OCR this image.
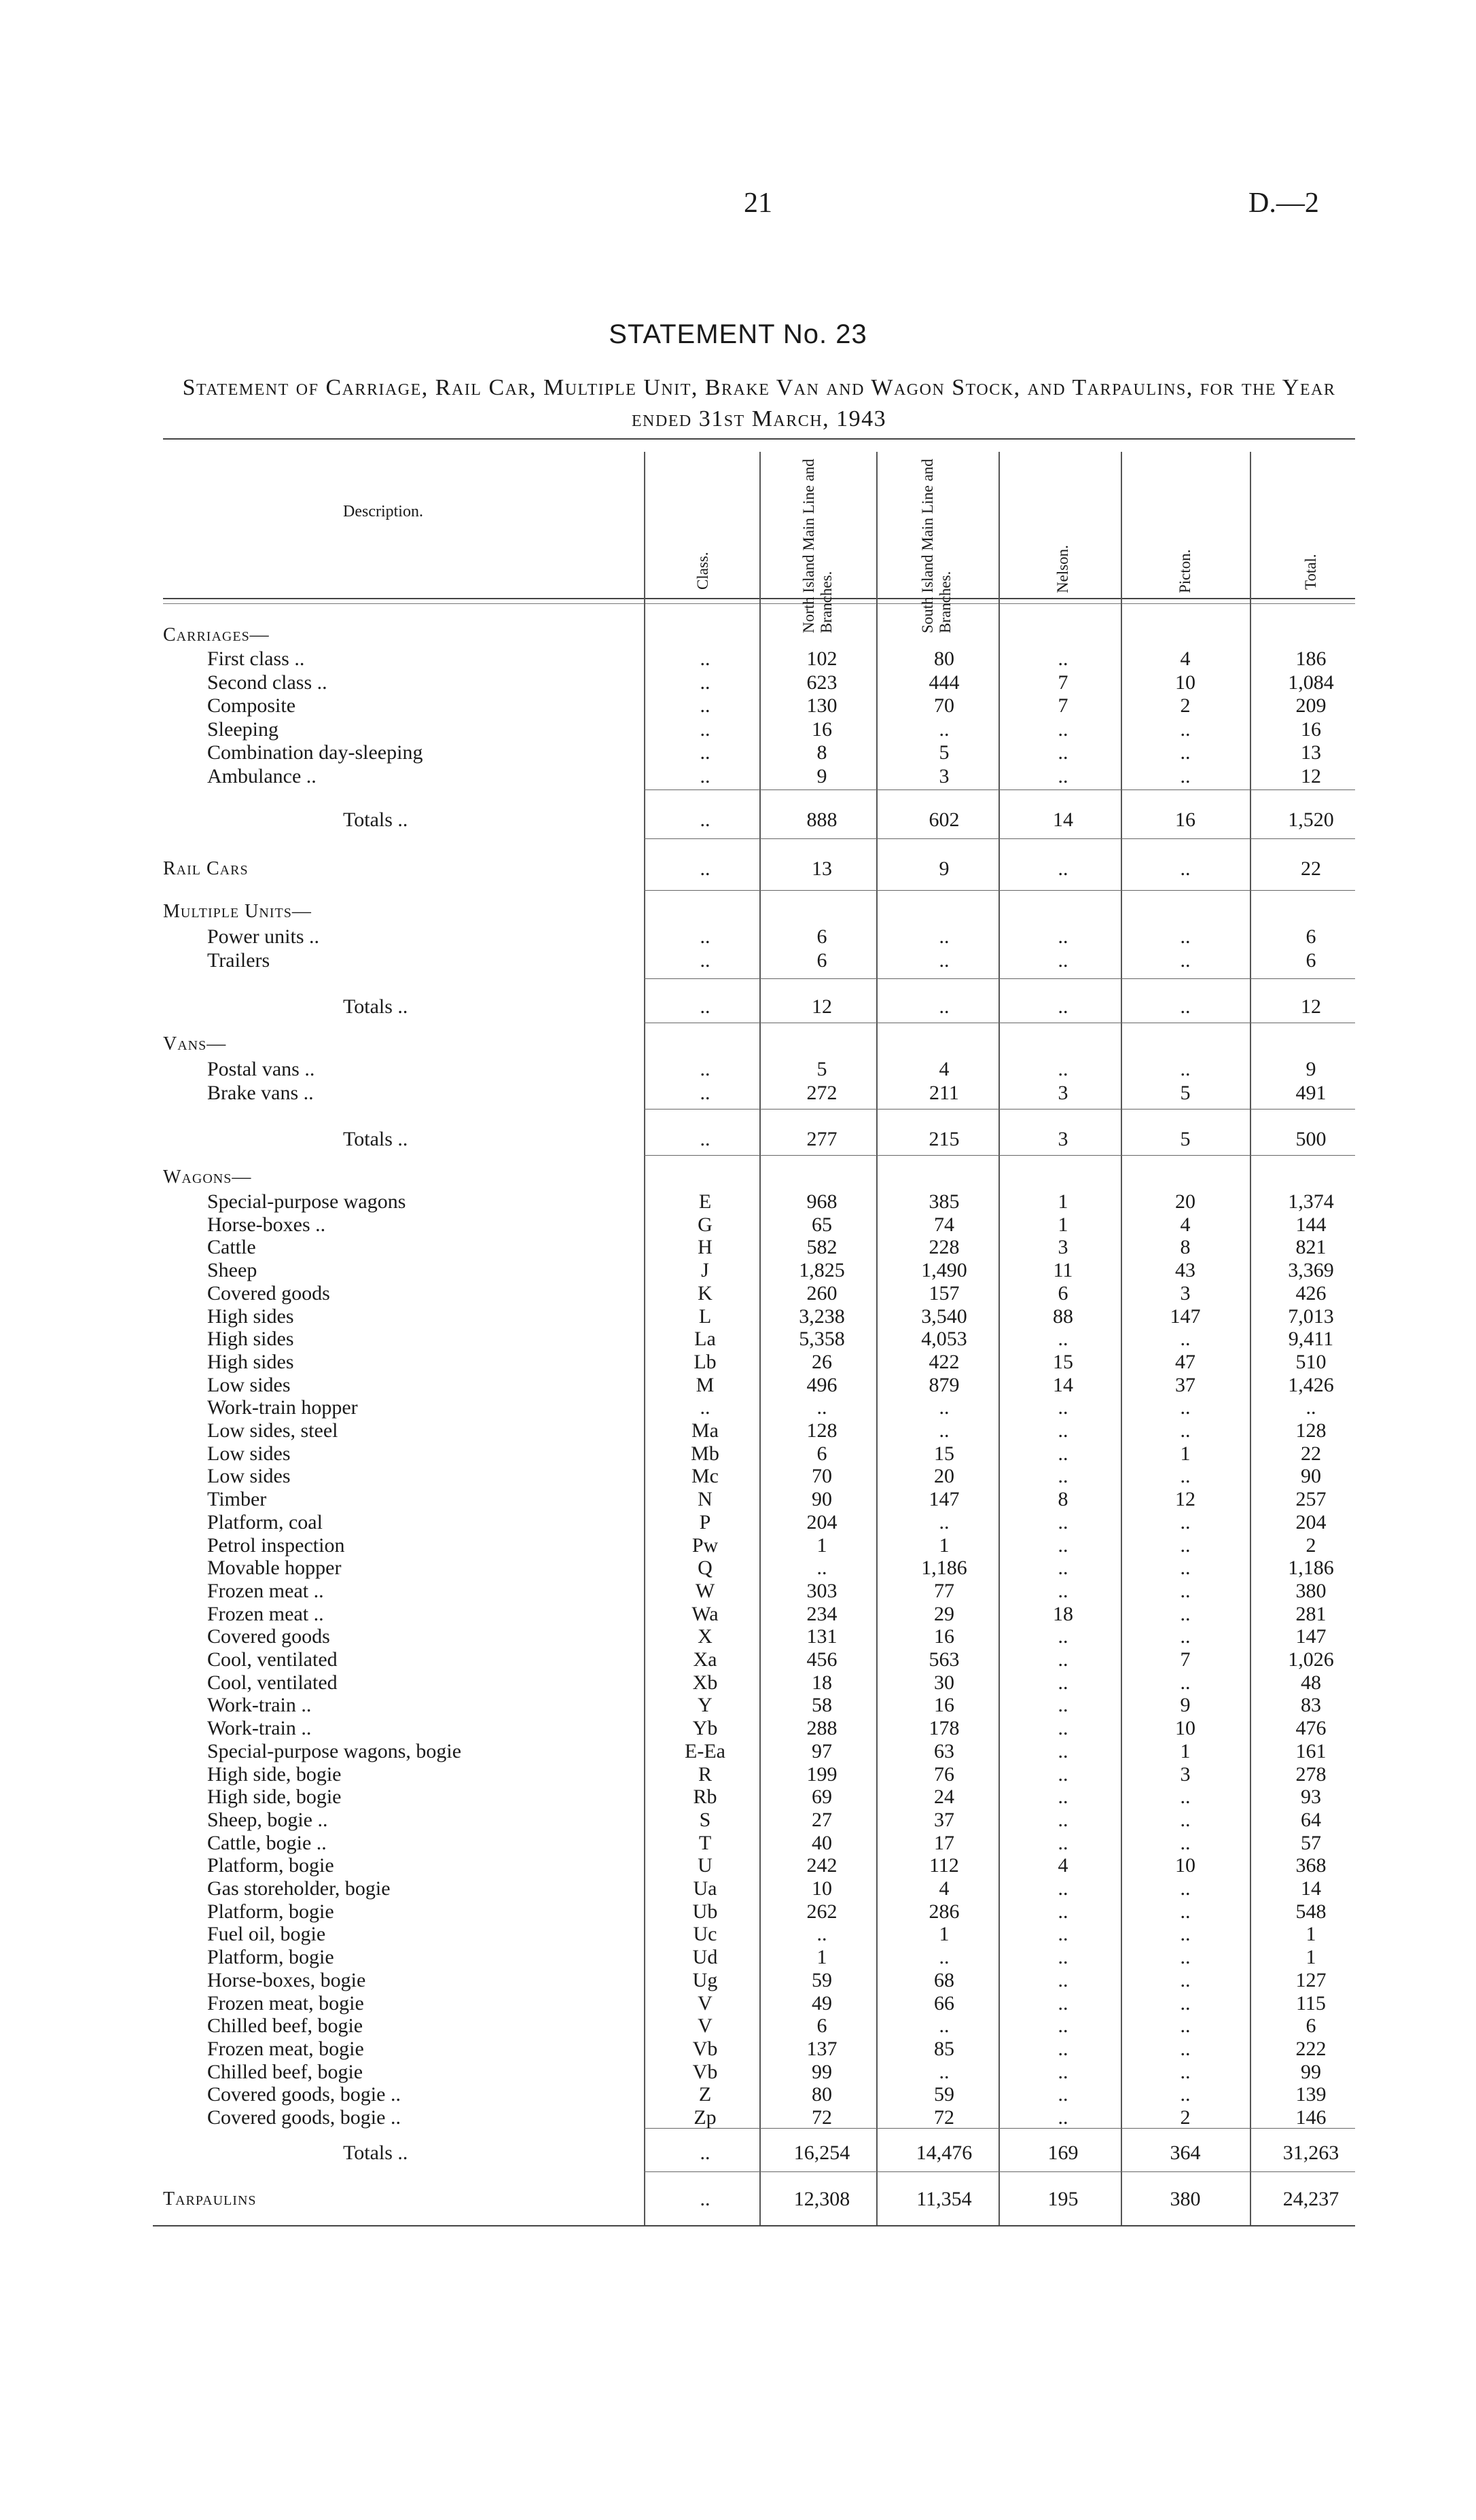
21	D.—2
STATEMENT No. 23
Statement of Carriage, Rail Car, Multiple Unit, Brake Van and Wagon Stock, and Tarpaulins, for the Year ended 31st March, 1943
Description.
Class.	North Island Main Line and Branches.	South Island Main Line and Branches.
Nelson.	Picton.	Total.
Carriages—
First class ..	..	102	80	..	4	186
Second class ..	..	623	444	7	10	1,084
Composite	..	130	70	7	2	209
Sleeping	..	16	..	..	..	16
Combination day-sleeping	..	8	5	..	..	13
Ambulance ..	..	9	3	..	..	12
Totals ..	..	888	602	14	16	1,520
Rail Cars	..	13	9	..	..	22
Multiple Units—
Power units ..	..	6	..	..	..	6
Trailers	..	6	..	..	..	6
Totals ..	..	12	..	..	..	12
Vans—
Postal vans ..	..	5	4	..	..	9
Brake vans ..	..	272	211	3	5	491
Totals ..	..	277	215	3	5	500
Wagons—
Special-purpose wagons	E	968	385	1	20	1,374
Horse-boxes ..	G	65	74	1	4	144
Cattle	H	582	228	3	8	821
Sheep	J	1,825	1,490	11	43	3,369
Covered goods	K	260	157	6	3	426
High sides	L	3,238	3,540	88	147	7,013
High sides	La	5,358	4,053	..	..	9,411
High sides	Lb	26	422	15	47	510
Low sides	M	496	879	14	37	1,426
Work-train hopper	..	..	..	..	..	..
Low sides, steel	Ma	128	..	..	..	128
Low sides	Mb	6	15	..	1	22
Low sides	Mc	70	20	..	..	90
Timber	N	90	147	8	12	257
Platform, coal	P	204	..	..	..	204
Petrol inspection	Pw	1	1	..	..	2
Movable hopper	Q	..	1,186	..	..	1,186
Frozen meat ..	W	303	77	..	..	380
Frozen meat ..	Wa	234	29	18	..	281
Covered goods	X	131	16	..	..	147
Cool, ventilated	Xa	456	563	..	7	1,026
Cool, ventilated	Xb	18	30	..	..	48
Work-train ..	Y	58	16	..	9	83
Work-train ..	Yb	288	178	..	10	476
Special-purpose wagons, bogie	E-Ea	97	63	..	1	161
High side, bogie	R	199	76	..	3	278
High side, bogie	Rb	69	24	..	..	93
Sheep, bogie ..	S	27	37	..	..	64
Cattle, bogie ..	T	40	17	..	..	57
Platform, bogie	U	242	112	4	10	368
Gas storeholder, bogie	Ua	10	4	..	..	14
Platform, bogie	Ub	262	286	..	..	548
Fuel oil, bogie	Uc	..	1	..	..	1
Platform, bogie	Ud	1	..	..	..	1
Horse-boxes, bogie	Ug	59	68	..	..	127
Frozen meat, bogie	V	49	66	..	..	115
Chilled beef, bogie	V	6	..	..	..	6
Frozen meat, bogie	Vb	137	85	..	..	222
Chilled beef, bogie	Vb	99	..	..	..	99
Covered goods, bogie ..	Z	80	59	..	..	139
Covered goods, bogie ..	Zp	72	72	..	2	146
Totals ..	..	16,254	14,476	169	364	31,263
Tarpaulins	..	12,308	11,354	195	380	24,237
